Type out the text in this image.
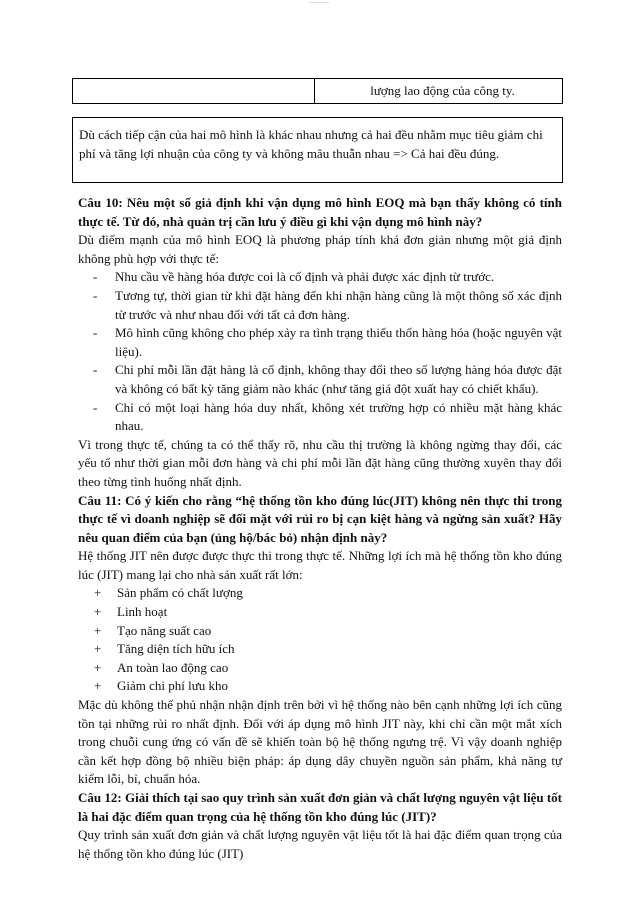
lượng lao động của công ty.
Dù cách tiếp cận của hai mô hình là khác nhau nhưng cả hai đều nhằm mục tiêu giảm chi phí và tăng lợi nhuận của công ty và không mâu thuẫn nhau => Cả hai đều đúng.

Câu 10: Nêu một số giả định khi vận dụng mô hình EOQ mà bạn thấy không có tính thực tế. Từ đó, nhà quản trị cần lưu ý điều gì khi vận dụng mô hình này?

Dù điểm mạnh của mô hình EOQ là phương pháp tính khá đơn giản nhưng một giả định không phù hợp với thực tế:

- Nhu cầu về hàng hóa được coi là cố định và phải được xác định từ trước.
- Tương tự, thời gian từ khi đặt hàng đến khi nhận hàng cũng là một thông số xác định từ trước và như nhau đối với tất cả đơn hàng.
- Mô hình cũng không cho phép xảy ra tình trạng thiếu thốn hàng hóa (hoặc nguyên vật liệu).
- Chi phí mỗi lần đặt hàng là cố định, không thay đổi theo số lượng hàng hóa được đặt và không có bất kỳ tăng giảm nào khác (như tăng giá đột xuất hay có chiết khấu).
- Chỉ có một loại hàng hóa duy nhất, không xét trường hợp có nhiều mặt hàng khác nhau.

Vì trong thực tế, chúng ta có thể thấy rõ, nhu cầu thị trường là không ngừng thay đổi, các yếu tố như thời gian mỗi đơn hàng và chi phí mỗi lần đặt hàng cũng thường xuyên thay đổi theo từng tình huống nhất định.

Câu 11: Có ý kiến cho rằng “hệ thống tồn kho đúng lúc(JIT) không nên thực thi trong thực tế vì doanh nghiệp sẽ đối mặt với rủi ro bị cạn kiệt hàng và ngừng sản xuất? Hãy nêu quan điểm của bạn (ủng hộ/bác bỏ) nhận định này?

Hệ thống JIT nên được được thực thi trong thực tế. Những lợi ích mà hệ thống tồn kho đúng lúc (JIT) mang lại cho nhà sản xuất rất lớn:

+ Sản phẩm có chất lượng
+ Linh hoạt
+ Tạo năng suất cao
+ Tăng diện tích hữu ích
+ An toàn lao động cao
+ Giảm chi phí lưu kho

Mặc dù không thể phủ nhận nhận định trên bởi vì hệ thống nào bên cạnh những lợi ích cũng tồn tại những rủi ro nhất định. Đối với áp dụng mô hình JIT này, khi chỉ cần một mắt xích trong chuỗi cung ứng có vấn đề sẽ khiến toàn bộ hệ thống ngưng trệ. Vì vậy doanh nghiệp cần kết hợp đồng bộ nhiều biện pháp: áp dụng dây chuyền nguồn sản phẩm, khả năng tự kiểm lỗi, bỉ, chuẩn hóa.

Câu 12: Giải thích tại sao quy trình sản xuất đơn giản và chất lượng nguyên vật liệu tốt là hai đặc điểm quan trọng của hệ thống tồn kho đúng lúc (JIT)?

Quy trình sản xuất đơn giản và chất lượng nguyên vật liệu tốt là hai đặc điểm quan trọng của hệ thống tồn kho đúng lúc (JIT)
